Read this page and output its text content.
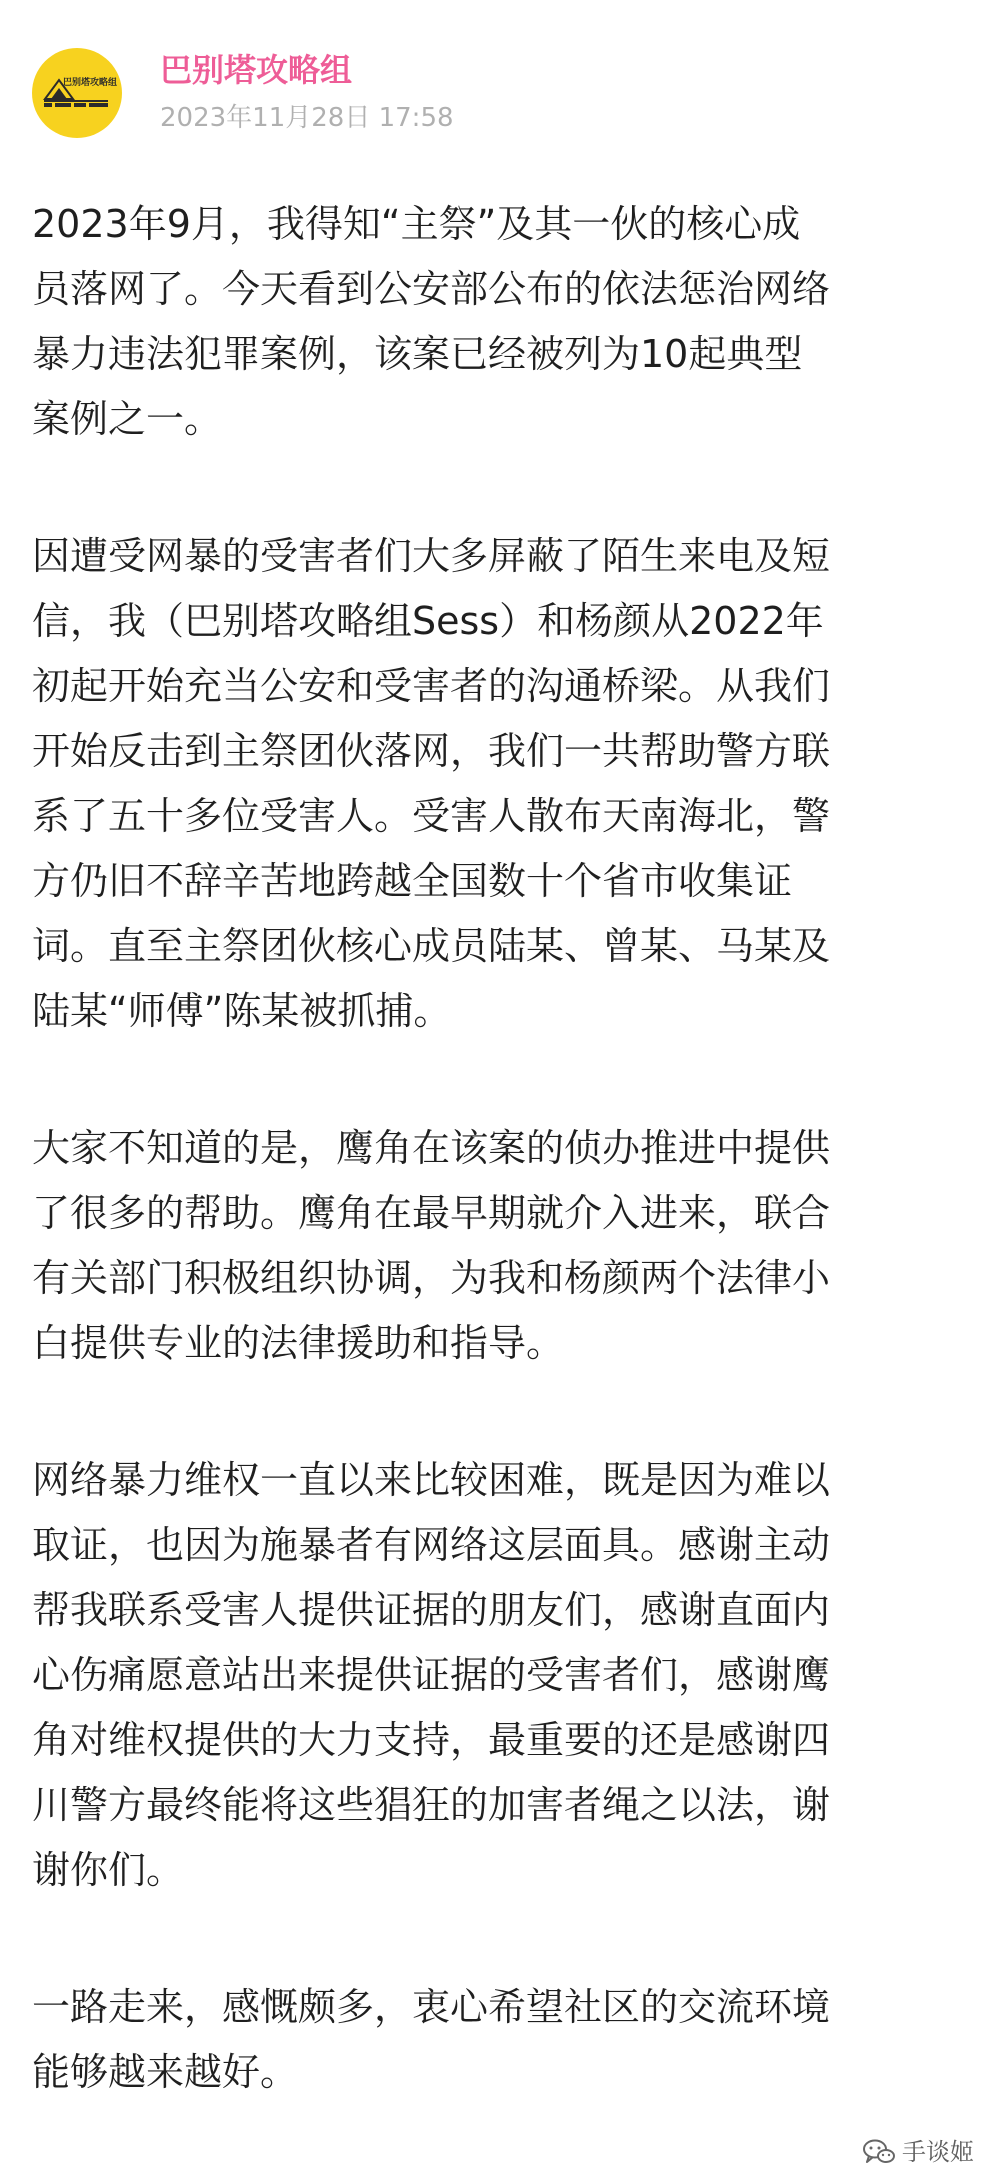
巴别塔攻略组 巴别塔攻略组
2023年11月28日 17:58

2023年9月，我得知“主祭”及其一伙的核心成
员落网了。今天看到公安部公布的依法惩治网络
暴力违法犯罪案例，该案已经被列为10起典型
案例之一。

因遭受网暴的受害者们大多屏蔽了陌生来电及短
信，我（巴别塔攻略组Sess）和杨颜从2022年
初起开始充当公安和受害者的沟通桥梁。从我们
开始反击到主祭团伙落网，我们一共帮助警方联
系了五十多位受害人。受害人散布天南海北，警
方仍旧不辞辛苦地跨越全国数十个省市收集证
词。直至主祭团伙核心成员陆某、曾某、马某及
陆某“师傅”陈某被抓捕。

大家不知道的是，鹰角在该案的侦办推进中提供
了很多的帮助。鹰角在最早期就介入进来，联合
有关部门积极组织协调，为我和杨颜两个法律小
白提供专业的法律援助和指导。

网络暴力维权一直以来比较困难，既是因为难以
取证，也因为施暴者有网络这层面具。感谢主动
帮我联系受害人提供证据的朋友们，感谢直面内
心伤痛愿意站出来提供证据的受害者们，感谢鹰
角对维权提供的大力支持，最重要的还是感谢四
川警方最终能将这些猖狂的加害者绳之以法，谢
谢你们。

一路走来，感慨颇多，衷心希望社区的交流环境
能够越来越好。

手谈姬
